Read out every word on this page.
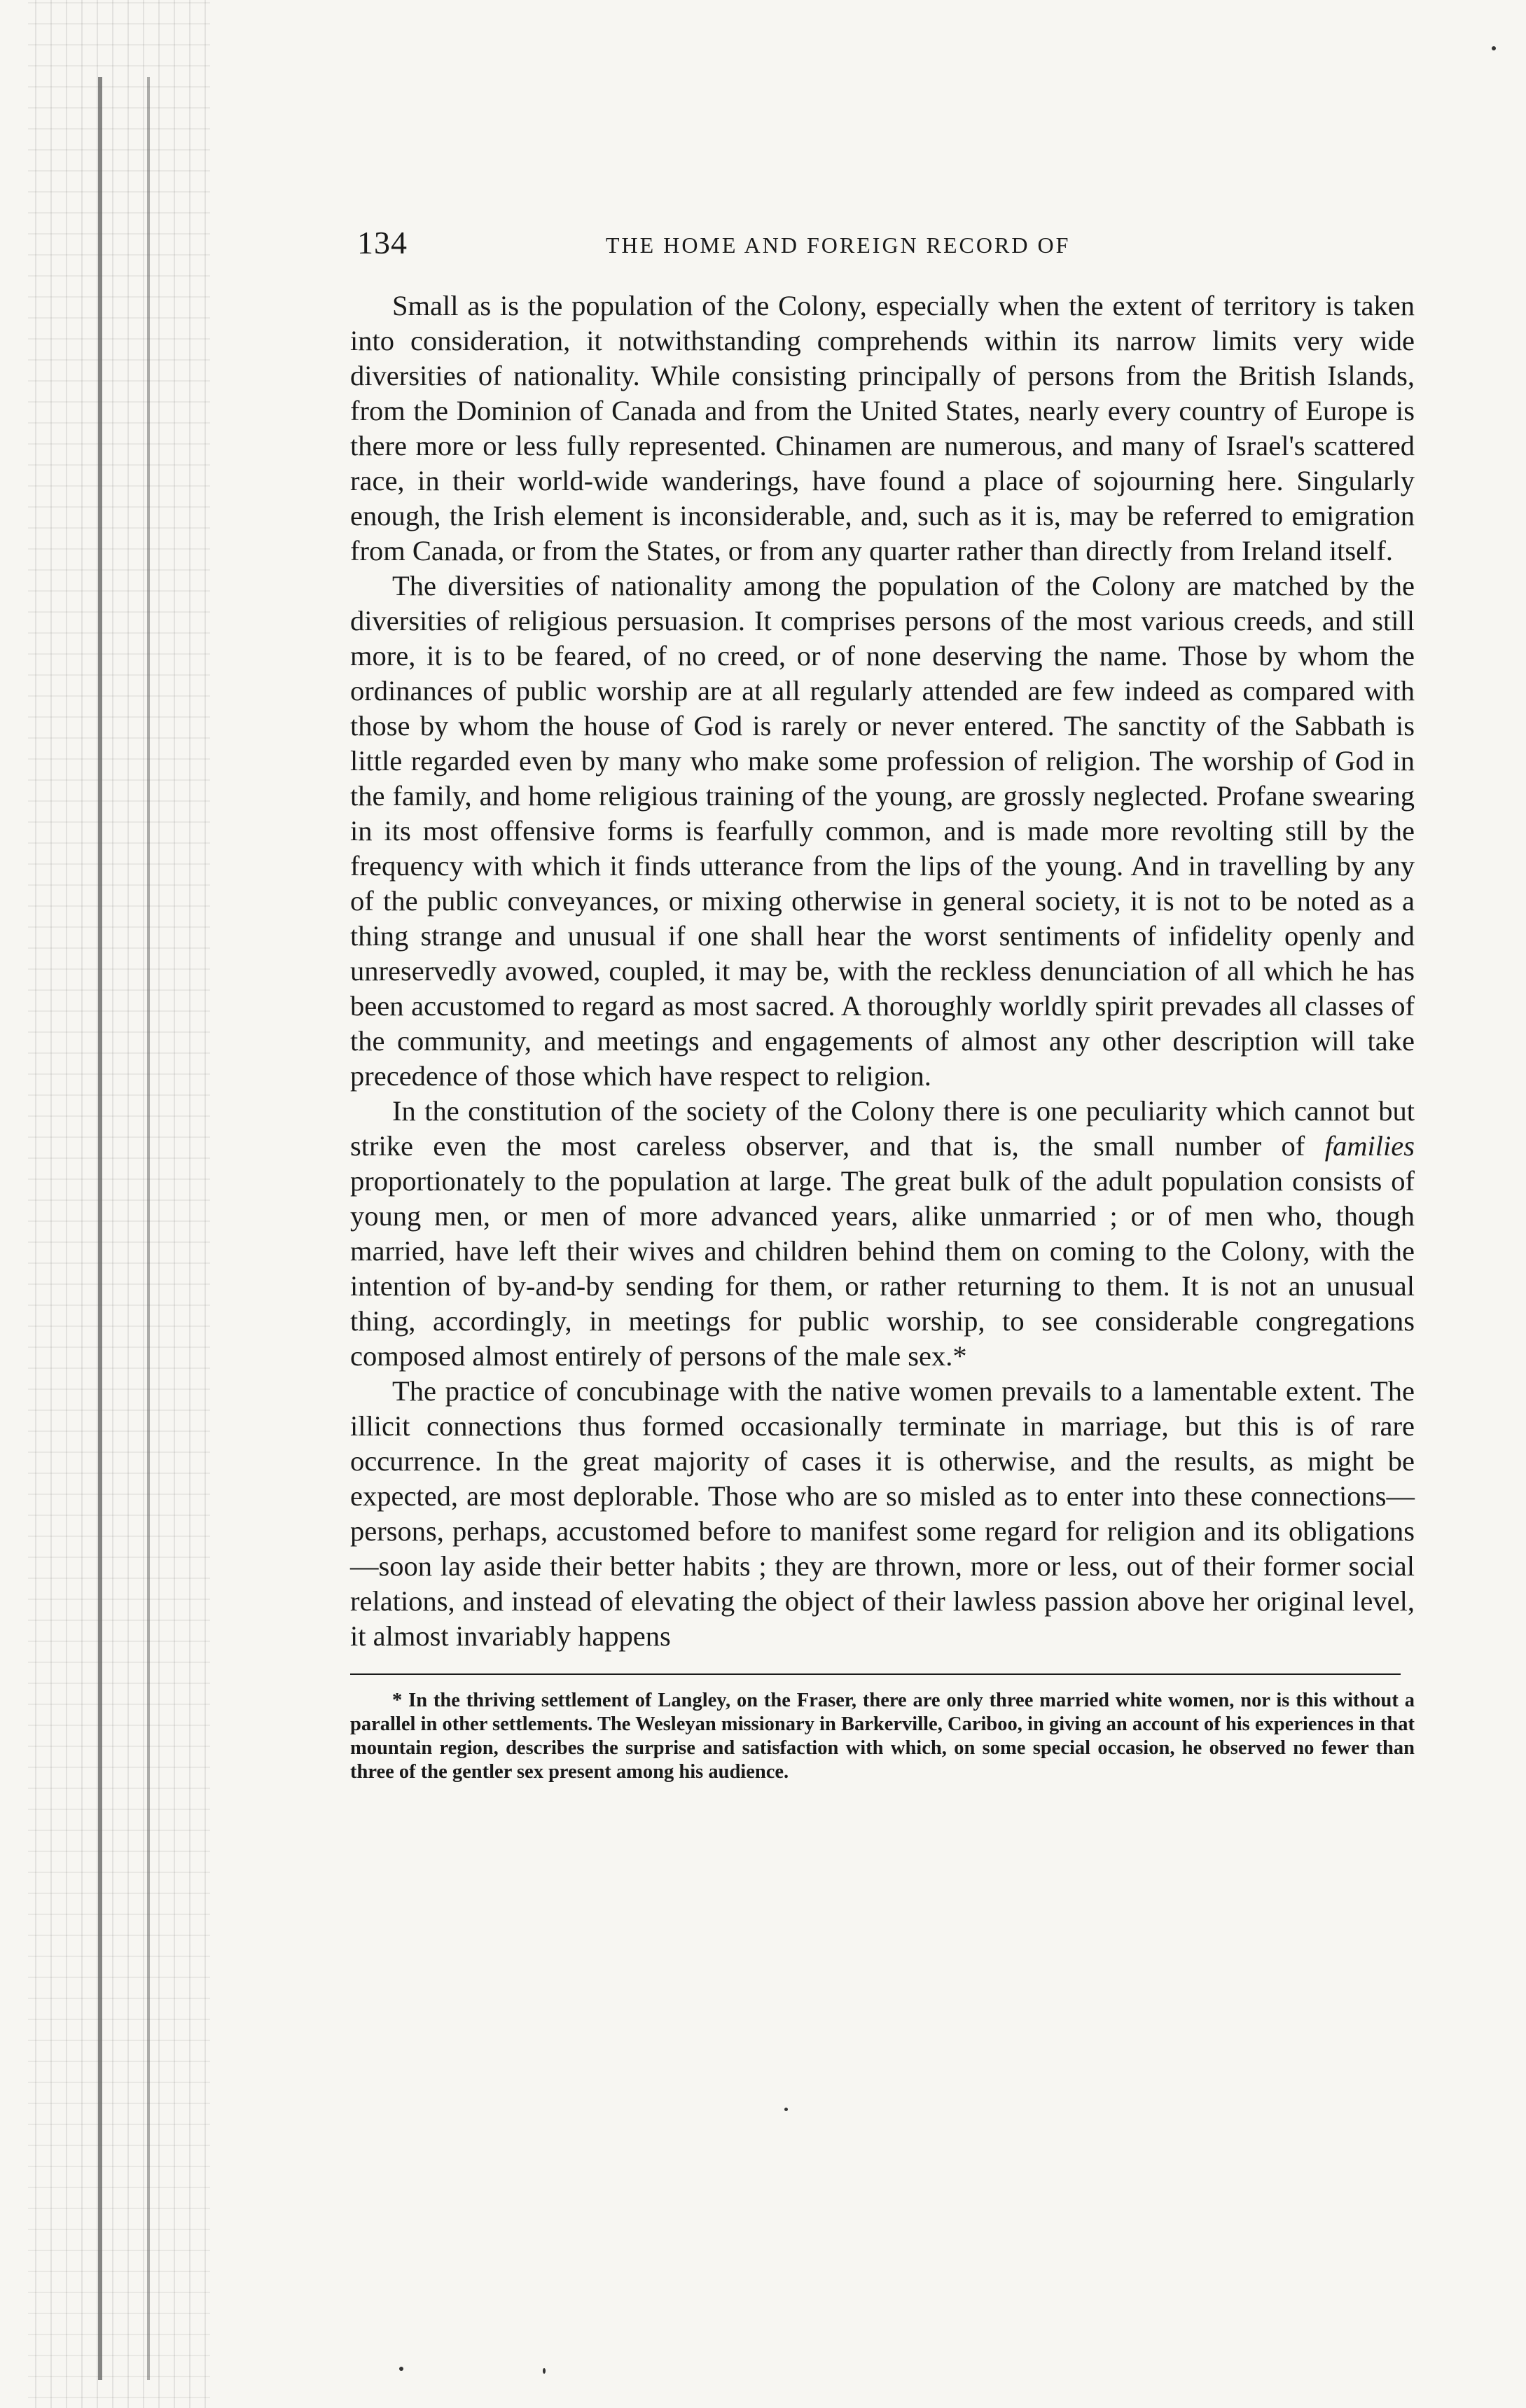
134	THE HOME AND FOREIGN RECORD OF

Small as is the population of the Colony, especially when the extent of territory is taken into consideration, it notwithstanding comprehends within its narrow limits very wide diversities of nationality. While consisting principally of persons from the British Islands, from the Dominion of Canada and from the United States, nearly every country of Europe is there more or less fully represented. Chinamen are numerous, and many of Israel's scattered race, in their world-wide wanderings, have found a place of sojourning here. Singularly enough, the Irish element is inconsiderable, and, such as it is, may be referred to emigration from Canada, or from the States, or from any quarter rather than directly from Ireland itself.

The diversities of nationality among the population of the Colony are matched by the diversities of religious persuasion. It comprises persons of the most various creeds, and still more, it is to be feared, of no creed, or of none deserving the name. Those by whom the ordinances of public worship are at all regularly attended are few indeed as compared with those by whom the house of God is rarely or never entered. The sanctity of the Sabbath is little regarded even by many who make some profession of religion. The worship of God in the family, and home religious training of the young, are grossly neglected. Profane swearing in its most offensive forms is fearfully common, and is made more revolting still by the frequency with which it finds utterance from the lips of the young. And in travelling by any of the public conveyances, or mixing otherwise in general society, it is not to be noted as a thing strange and unusual if one shall hear the worst sentiments of infidelity openly and unreservedly avowed, coupled, it may be, with the reckless denunciation of all which he has been accustomed to regard as most sacred. A thoroughly worldly spirit prevades all classes of the community, and meetings and engagements of almost any other description will take precedence of those which have respect to religion.

In the constitution of the society of the Colony there is one peculiarity which cannot but strike even the most careless observer, and that is, the small number of families proportionately to the population at large. The great bulk of the adult population consists of young men, or men of more advanced years, alike unmarried ; or of men who, though married, have left their wives and children behind them on coming to the Colony, with the intention of by-and-by sending for them, or rather returning to them. It is not an unusual thing, accordingly, in meetings for public worship, to see considerable congregations composed almost entirely of persons of the male sex.*

The practice of concubinage with the native women prevails to a lamentable extent. The illicit connections thus formed occasionally terminate in marriage, but this is of rare occurrence. In the great majority of cases it is otherwise, and the results, as might be expected, are most deplorable. Those who are so misled as to enter into these connections—persons, perhaps, accustomed before to manifest some regard for religion and its obligations—soon lay aside their better habits ; they are thrown, more or less, out of their former social relations, and instead of elevating the object of their lawless passion above her original level, it almost invariably happens

* In the thriving settlement of Langley, on the Fraser, there are only three married white women, nor is this without a parallel in other settlements. The Wesleyan missionary in Barkerville, Cariboo, in giving an account of his experiences in that mountain region, describes the surprise and satisfaction with which, on some special occasion, he observed no fewer than three of the gentler sex present among his audience.
